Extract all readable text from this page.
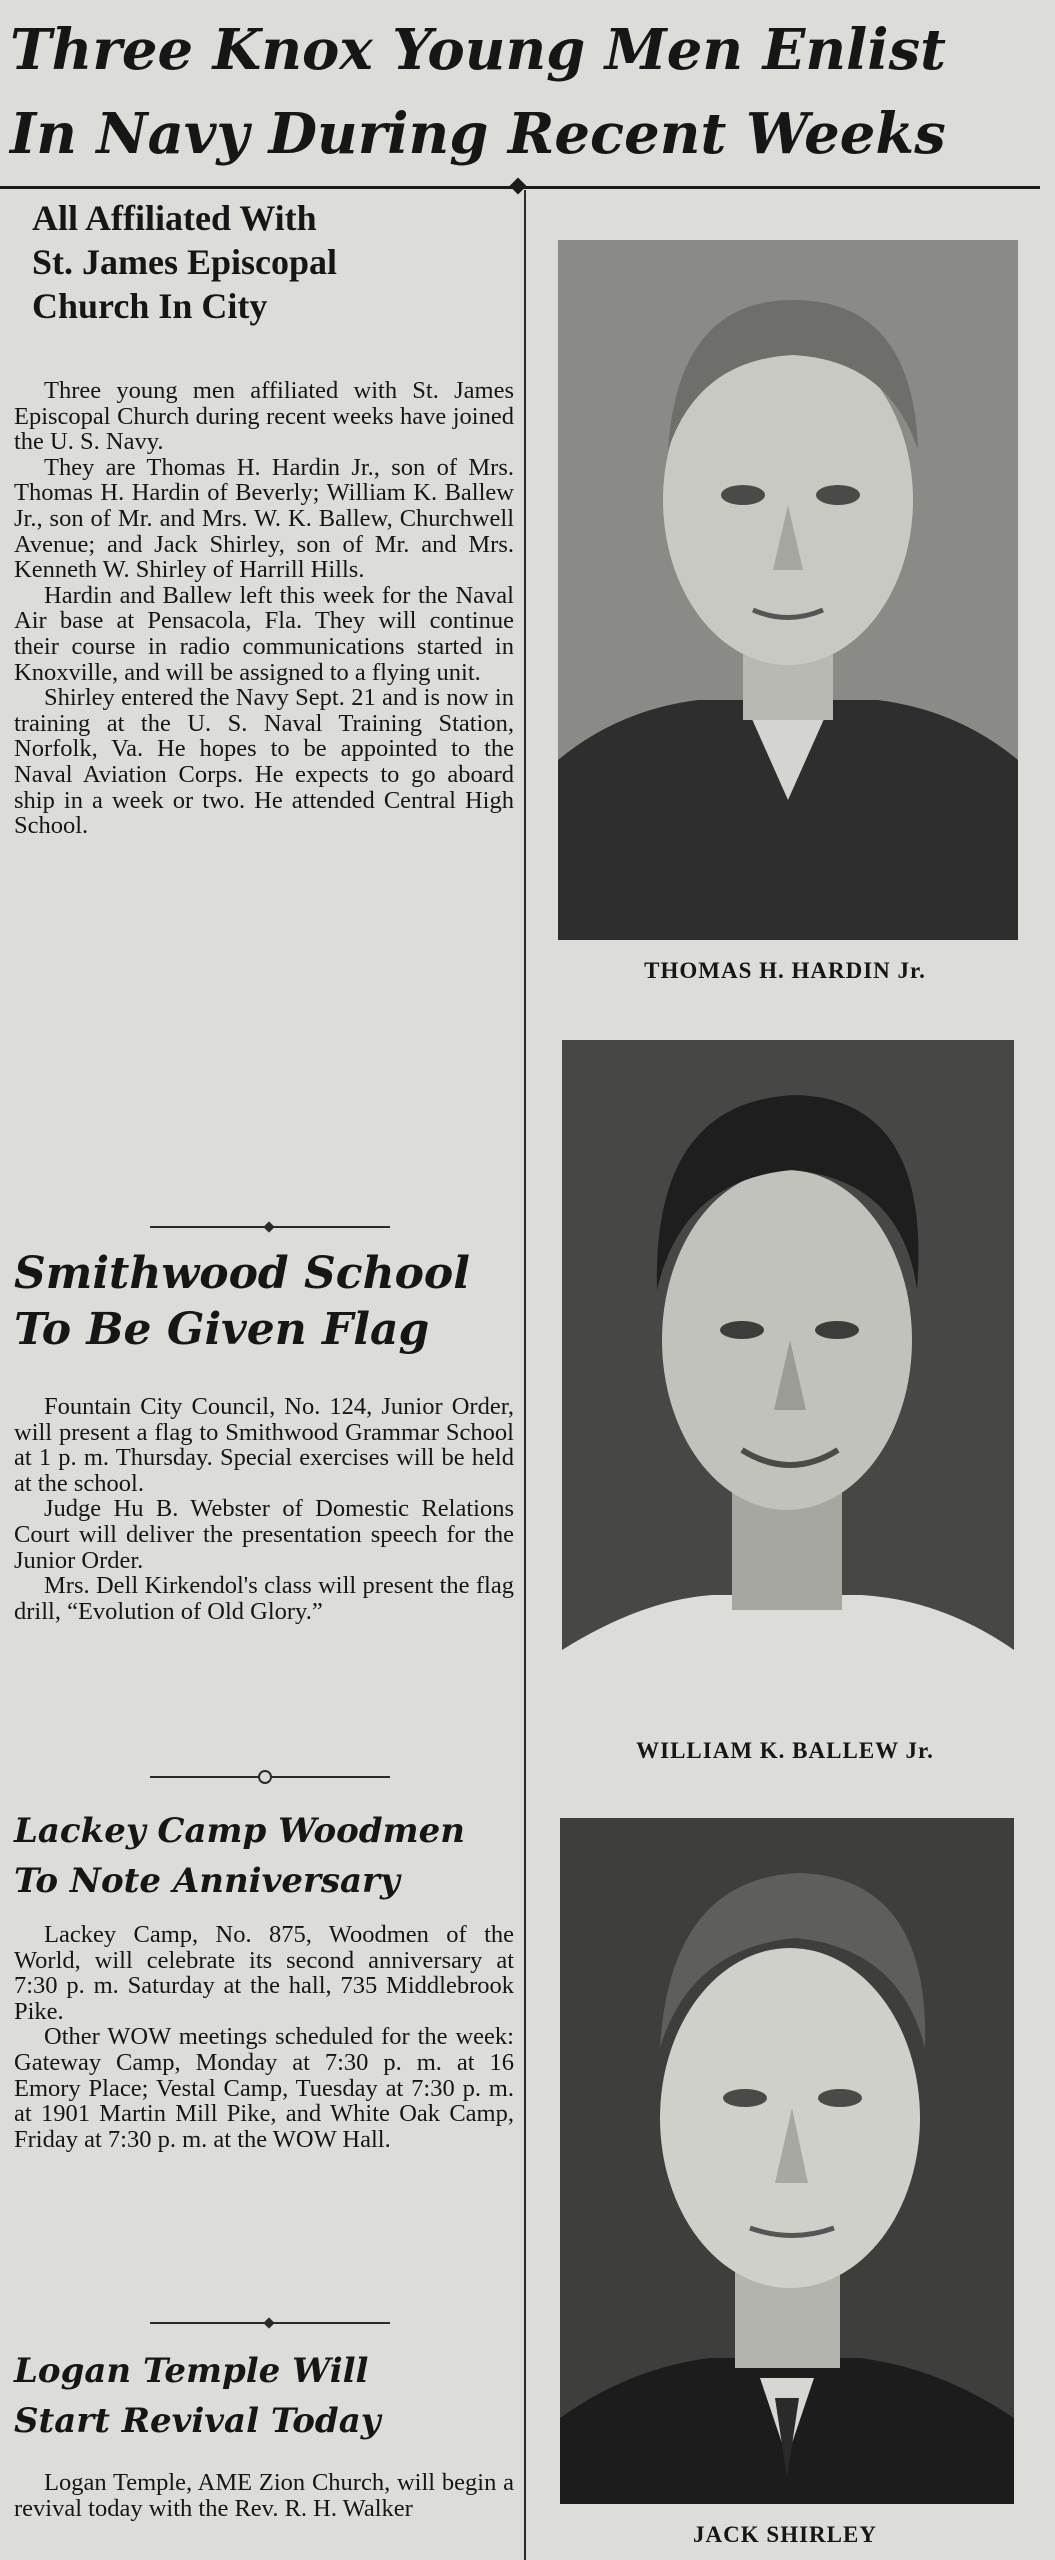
Three Knox Young Men Enlist
In Navy During Recent Weeks
All Affiliated With
St. James Episcopal
Church In City

Three young men affiliated with St. James Episcopal Church during recent weeks have joined the U. S. Navy.

They are Thomas H. Hardin Jr., son of Mrs. Thomas H. Hardin of Beverly; William K. Ballew Jr., son of Mr. and Mrs. W. K. Ballew, Churchwell Avenue; and Jack Shirley, son of Mr. and Mrs. Kenneth W. Shirley of Harrill Hills.

Hardin and Ballew left this week for the Naval Air base at Pensacola, Fla. They will continue their course in radio communications started in Knoxville, and will be assigned to a flying unit.

Shirley entered the Navy Sept. 21 and is now in training at the U. S. Naval Training Station, Norfolk, Va. He hopes to be appointed to the Naval Aviation Corps. He expects to go aboard ship in a week or two. He attended Central High School.

Smithwood School
To Be Given Flag

Fountain City Council, No. 124, Junior Order, will present a flag to Smithwood Grammar School at 1 p. m. Thursday. Special exercises will be held at the school.

Judge Hu B. Webster of Domestic Relations Court will deliver the presentation speech for the Junior Order.

Mrs. Dell Kirkendol's class will present the flag drill, “Evolution of Old Glory.”

Lackey Camp Woodmen
To Note Anniversary

Lackey Camp, No. 875, Woodmen of the World, will celebrate its second anniversary at 7:30 p. m. Saturday at the hall, 735 Middlebrook Pike.

Other WOW meetings scheduled for the week: Gateway Camp, Monday at 7:30 p. m. at 16 Emory Place; Vestal Camp, Tuesday at 7:30 p. m. at 1901 Martin Mill Pike, and White Oak Camp, Friday at 7:30 p. m. at the WOW Hall.

Logan Temple Will
Start Revival Today

Logan Temple, AME Zion Church, will begin a revival today with the Rev. R. H. Walker

THOMAS H. HARDIN Jr.
WILLIAM K. BALLEW Jr.
JACK SHIRLEY
